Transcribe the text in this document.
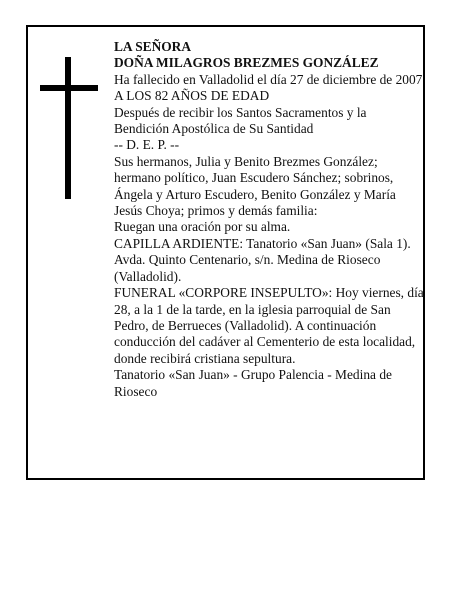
LA SEÑORA

DOÑA MILAGROS BREZMES GONZÁLEZ

Ha fallecido en Valladolid el día 27 de diciembre de 2007

A LOS 82 AÑOS DE EDAD

Después de recibir los Santos Sacramentos y la Bendición Apostólica de Su Santidad

-- D. E. P. --

Sus hermanos, Julia y Benito Brezmes González; hermano político, Juan Escudero Sánchez; sobrinos, Ángela y Arturo Escudero, Benito González y María Jesús Choya; primos y demás familia:

Ruegan una oración por su alma.

CAPILLA ARDIENTE: Tanatorio «San Juan» (Sala 1). Avda. Quinto Centenario, s/n. Medina de Rioseco (Valladolid).

FUNERAL «CORPORE INSEPULTO»: Hoy viernes, día 28, a la 1 de la tarde, en la iglesia parroquial de San Pedro, de Berrueces (Valladolid). A continuación conducción del cadáver al Cementerio de esta localidad, donde recibirá cristiana sepultura.

Tanatorio «San Juan» - Grupo Palencia - Medina de Rioseco
